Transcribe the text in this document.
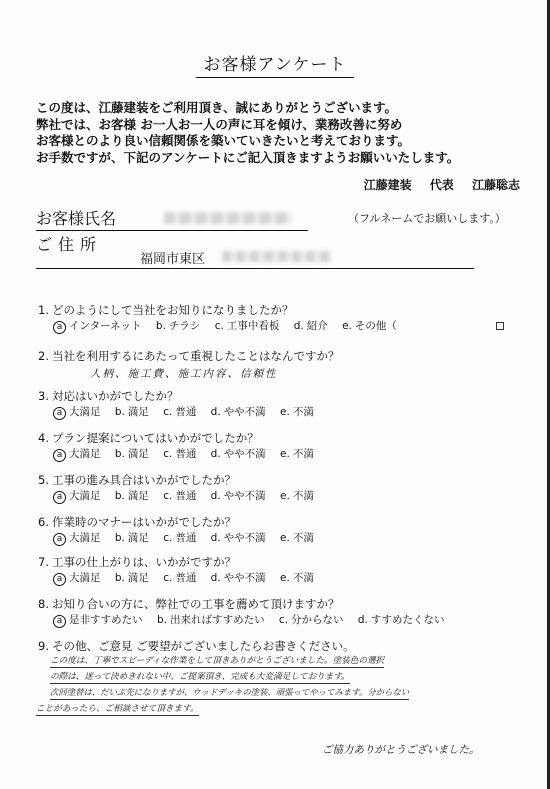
お客様アンケート
この度は、江藤建装をご利用頂き、誠にありがとうございます。
弊社では、お客様 お一人お一人の声に耳を傾け、業務改善に努め
お客様とのより良い信頼関係を築いていきたいと考えております。
お手数ですが、下記のアンケートにご記入頂きますようお願いいたします。
江藤建装 代表 江藤聡志
お客様氏名	（フルネームでお願いします。）
ご住所
福岡市東区
1. どのようにして当社をお知りになりましたか？
a インターネット b. チラシ c. 工事中看板 d. 紹介 e. その他（
2. 当社を利用するにあたって重視したことはなんですか？
人柄、施工費、施工内容、信頼性
3. 対応はいかがでしたか？
a 大満足 b. 満足 c. 普通 d. やや不満 e. 不満
4. プラン提案についてはいかがでしたか？
a 大満足 b. 満足 c. 普通 d. やや不満 e. 不満
5. 工事の進み具合はいかがでしたか？
a 大満足 b. 満足 c. 普通 d. やや不満 e. 不満
6. 作業時のマナーはいかがでしたか？
a 大満足 b. 満足 c. 普通 d. やや不満 e. 不満
7. 工事の仕上がりは、いかがですか？
a 大満足 b. 満足 c. 普通 d. やや不満 e. 不満
8. お知り合いの方に、弊社での工事を薦めて頂けますか？
a 是非すすめたい b. 出来ればすすめたい c. 分からない d. すすめたくない
9. その他、ご意見 ご要望がございましたらお書きください。
この度は、丁寧でスピーディな作業をして頂きありがとうございました。塗装色の選択
の際は、迷って決めきれない中、ご提案頂き、完成も大変満足しております。
次回塗替は、だいぶ先になりますが、ウッドデッキの塗装、頑張ってやってみます。分からない
ことがあったら、ご相談させて頂きます。
ご協力ありがとうございました。
